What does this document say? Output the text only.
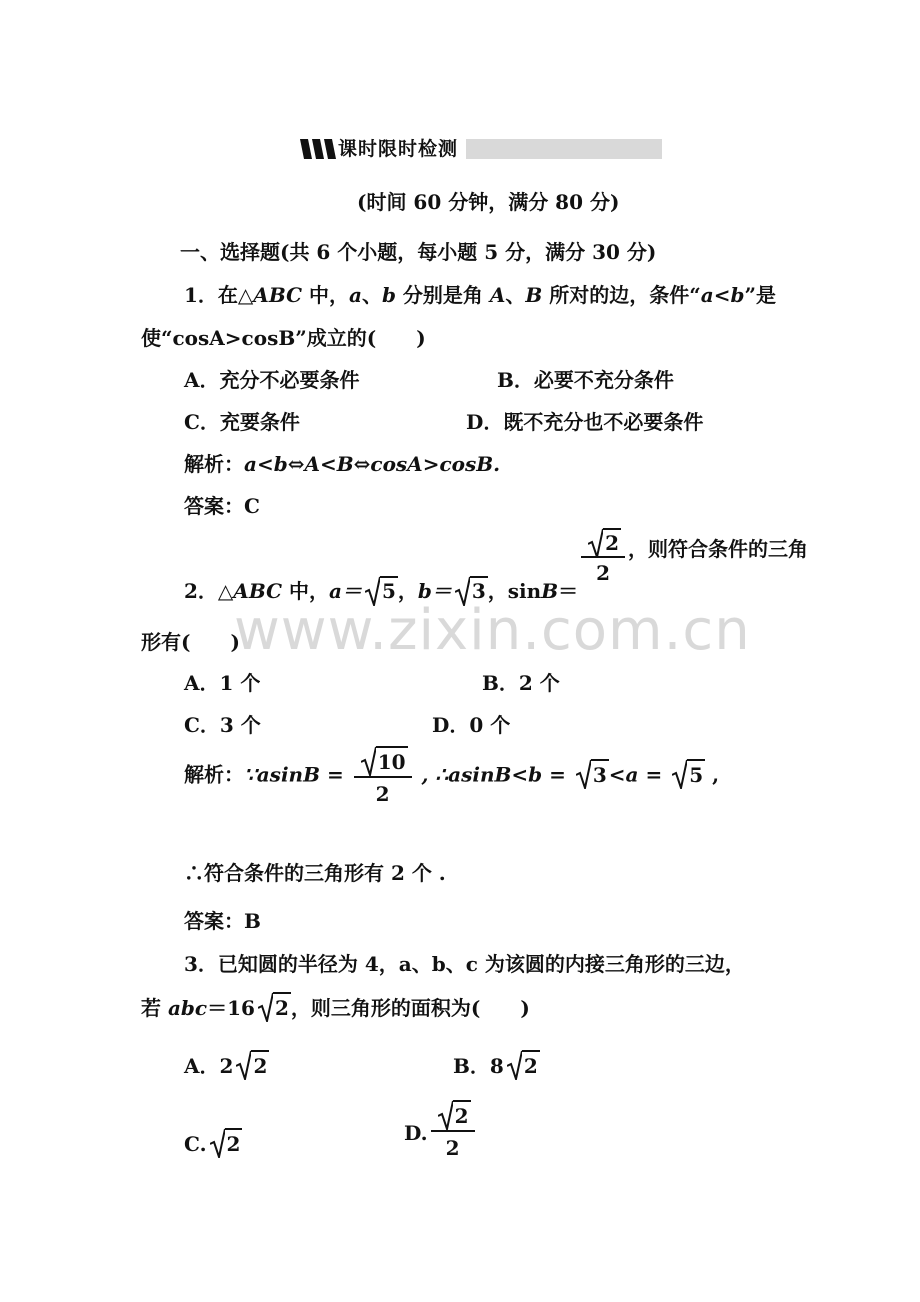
www.zixin.com.cn
课时限时检测
(时间 60 分钟，满分 80 分)
一、选择题(共 6 个小题，每小题 5 分，满分 30 分)
1．在△ABC 中，a、b 分别是角 A、B 所对的边，条件“a<b”是
使“cosA>cosB”成立的(　　)
A．充分不必要条件	B．必要不充分条件
C．充要条件	D．既不充分也不必要条件
解析：a<b⇔A<B⇔cosA>cosB.
答案：C
2．△ABC 中，a＝ 5 ，b＝ 3 ，sinB＝
$\frac{2}{2}$ ，则符合条件的三角
形有(　　)
A．1 个	B．2 个
C．3 个	D．0 个
解析：∵asinB = $\frac{10}{2}$ , ∴asinB<b =
3 <a =
5 ,
∴符合条件的三角形有 2 个 .
答案：B
3．已知圆的半径为 4，a、b、c 为该圆的内接三角形的三边，
若 abc＝16 2 ，则三角形的面积为(　　)
A．2 2	B．8 2
C. 2	D. $\frac{2}{2}$
